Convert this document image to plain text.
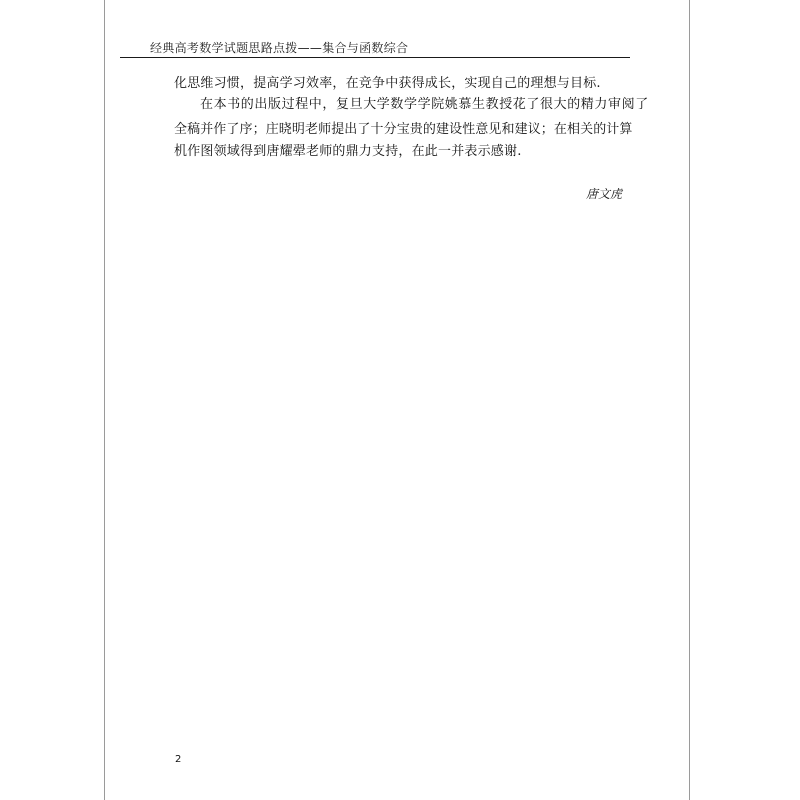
经典高考数学试题思路点拨——集合与函数综合
化思维习惯，提高学习效率，在竞争中获得成长，实现自己的理想与目标.
在本书的出版过程中，复旦大学数学学院姚慕生教授花了很大的精力审阅了
全稿并作了序；庄晓明老师提出了十分宝贵的建设性意见和建议；在相关的计算
机作图领域得到唐耀翚老师的鼎力支持，在此一并表示感谢.
唐文虎
2
